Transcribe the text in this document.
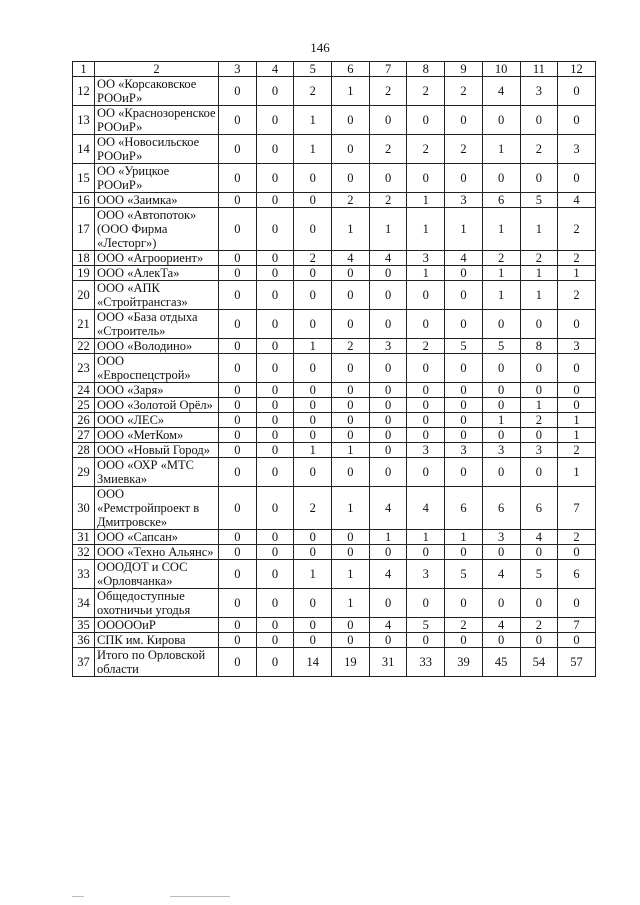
146
1	2	3	4	5	6	7	8	9	10	11	12
12	ОО «Корсаковское
РООиР»	0	0	2	1	2	2	2	4	3	0
13	ОО «Краснозоренское
РООиР»	0	0	1	0	0	0	0	0	0	0
14	ОО «Новосильское
РООиР»	0	0	1	0	2	2	2	1	2	3
15	ОО «Урицкое
РООиР»	0	0	0	0	0	0	0	0	0	0
16	ООО «Заимка»	0	0	0	2	2	1	3	6	5	4
17	ООО «Автопоток»
(ООО Фирма
«Лесторг»)	0	0	0	1	1	1	1	1	1	2
18	ООО «Агроориент»	0	0	2	4	4	3	4	2	2	2
19	ООО «АлекТа»	0	0	0	0	0	1	0	1	1	1
20	ООО «АПК
«Стройтрансгаз»	0	0	0	0	0	0	0	1	1	2
21	ООО «База отдыха
«Строитель»	0	0	0	0	0	0	0	0	0	0
22	ООО «Володино»	0	0	1	2	3	2	5	5	8	3
23	ООО
«Евроспецстрой»	0	0	0	0	0	0	0	0	0	0
24	ООО «Заря»	0	0	0	0	0	0	0	0	0	0
25	ООО «Золотой Орёл»	0	0	0	0	0	0	0	0	1	0
26	ООО «ЛЕС»	0	0	0	0	0	0	0	1	2	1
27	ООО «МетКом»	0	0	0	0	0	0	0	0	0	1
28	ООО «Новый Город»	0	0	1	1	0	3	3	3	3	2
29	ООО «ОХР «МТС
Змиевка»	0	0	0	0	0	0	0	0	0	1
30	ООО
«Ремстройпроект в
Дмитровске»	0	0	2	1	4	4	6	6	6	7
31	ООО «Сапсан»	0	0	0	0	1	1	1	3	4	2
32	ООО «Техно Альянс»	0	0	0	0	0	0	0	0	0	0
33	ОООДОТ и СОС
«Орловчанка»	0	0	1	1	4	3	5	4	5	6
34	Общедоступные
охотничьи угодья	0	0	0	1	0	0	0	0	0	0
35	ОООООиР	0	0	0	0	4	5	2	4	2	7
36	СПК им. Кирова	0	0	0	0	0	0	0	0	0	0
37	Итого по Орловской
области	0	0	14	19	31	33	39	45	54	57
